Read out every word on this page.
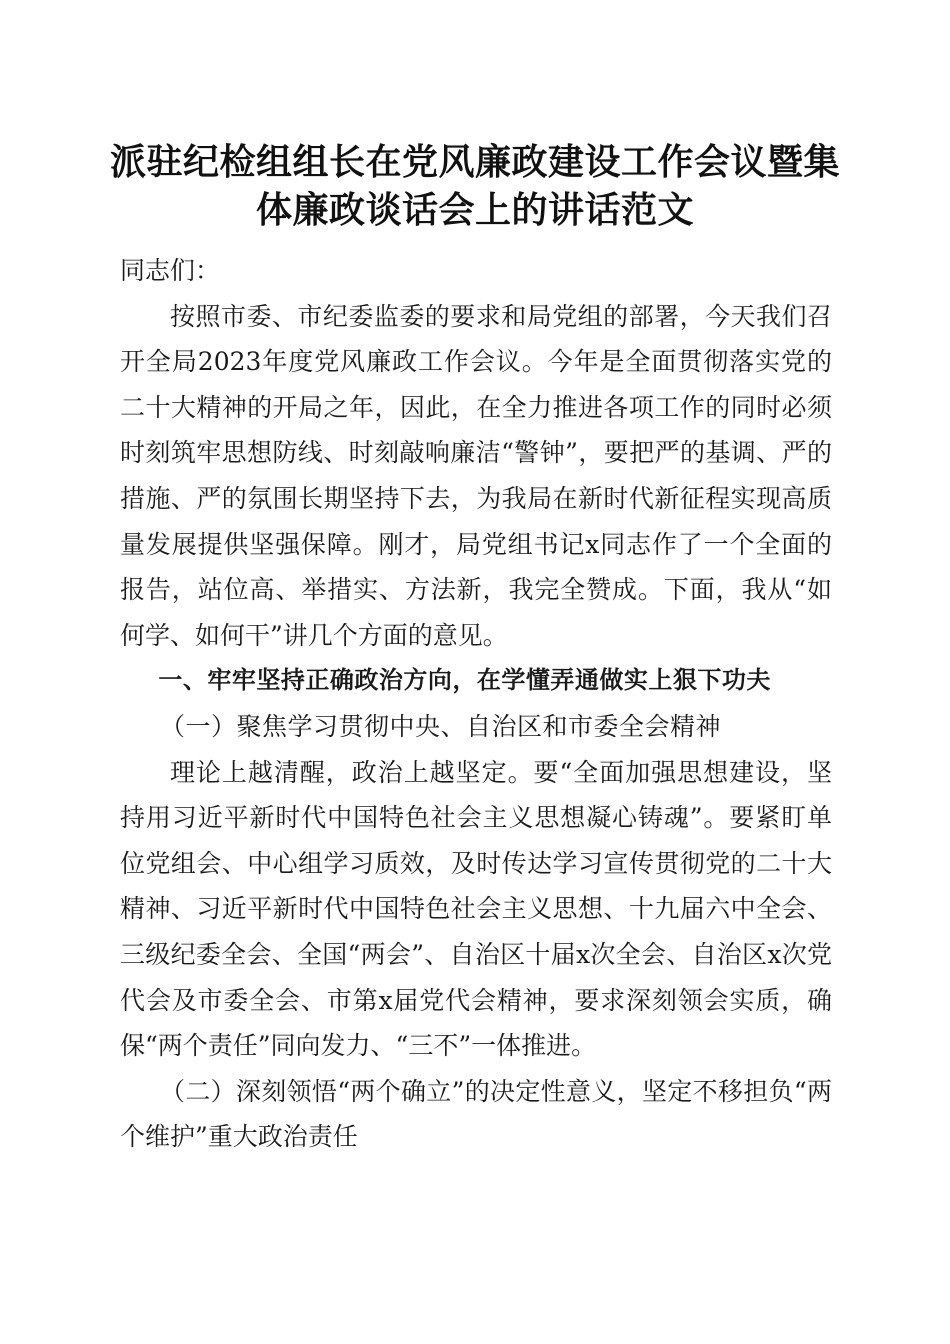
派驻纪检组组长在党风廉政建设工作会议暨集
体廉政谈话会上的讲话范文

同志们：

按照市委、市纪委监委的要求和局党组的部署，今天我们召开全局2023年度党风廉政工作会议。今年是全面贯彻落实党的二十大精神的开局之年，因此，在全力推进各项工作的同时必须时刻筑牢思想防线、时刻敲响廉洁“警钟”，要把严的基调、严的措施、严的氛围长期坚持下去，为我局在新时代新征程实现高质量发展提供坚强保障。刚才，局党组书记x同志作了一个全面的报告，站位高、举措实、方法新，我完全赞成。下面，我从“如何学、如何干”讲几个方面的意见。

一、牢牢坚持正确政治方向，在学懂弄通做实上狠下功夫

（一）聚焦学习贯彻中央、自治区和市委全会精神

理论上越清醒，政治上越坚定。要“全面加强思想建设，坚持用习近平新时代中国特色社会主义思想凝心铸魂”。要紧盯单位党组会、中心组学习质效，及时传达学习宣传贯彻党的二十大精神、习近平新时代中国特色社会主义思想、十九届六中全会、三级纪委全会、全国“两会”、自治区十届x次全会、自治区x次党代会及市委全会、市第x届党代会精神，要求深刻领会实质，确保“两个责任”同向发力、“三不”一体推进。

（二）深刻领悟“两个确立”的决定性意义，坚定不移担负“两个维护”重大政治责任
